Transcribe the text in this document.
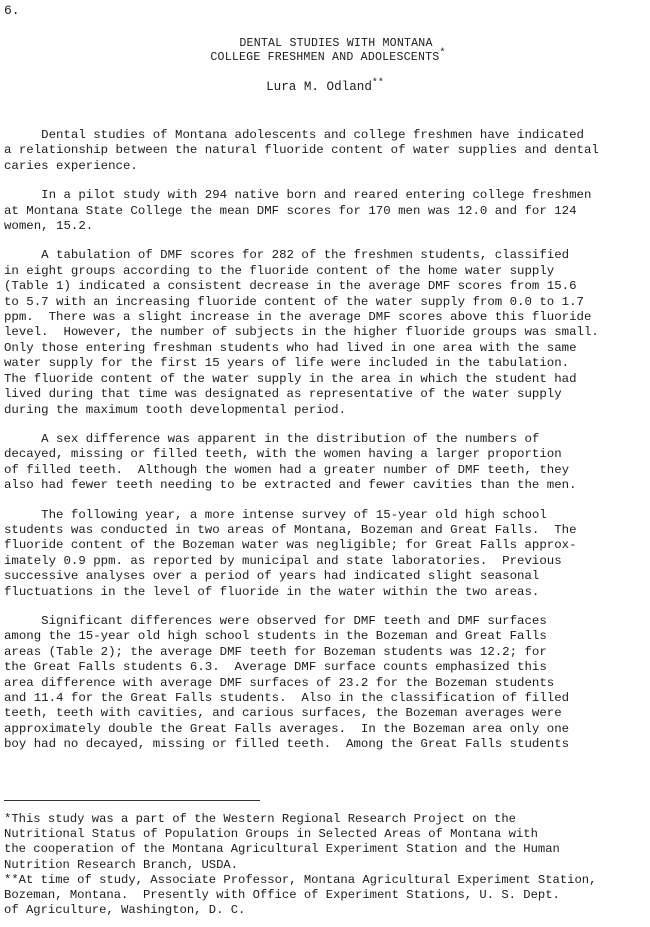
6.
DENTAL STUDIES WITH MONTANA
COLLEGE FRESHMEN AND ADOLESCENTS*
Lura M. Odland**
Dental studies of Montana adolescents and college freshmen have indicated
a relationship between the natural fluoride content of water supplies and dental
caries experience.
In a pilot study with 294 native born and reared entering college freshmen
at Montana State College the mean DMF scores for 170 men was 12.0 and for 124
women, 15.2.
A tabulation of DMF scores for 282 of the freshmen students, classified
in eight groups according to the fluoride content of the home water supply
(Table 1) indicated a consistent decrease in the average DMF scores from 15.6
to 5.7 with an increasing fluoride content of the water supply from 0.0 to 1.7
ppm.  There was a slight increase in the average DMF scores above this fluoride
level.  However, the number of subjects in the higher fluoride groups was small.
Only those entering freshman students who had lived in one area with the same
water supply for the first 15 years of life were included in the tabulation.
The fluoride content of the water supply in the area in which the student had
lived during that time was designated as representative of the water supply
during the maximum tooth developmental period.
A sex difference was apparent in the distribution of the numbers of
decayed, missing or filled teeth, with the women having a larger proportion
of filled teeth.  Although the women had a greater number of DMF teeth, they
also had fewer teeth needing to be extracted and fewer cavities than the men.
The following year, a more intense survey of 15-year old high school
students was conducted in two areas of Montana, Bozeman and Great Falls.  The
fluoride content of the Bozeman water was negligible; for Great Falls approx-
imately 0.9 ppm. as reported by municipal and state laboratories.  Previous
successive analyses over a period of years had indicated slight seasonal
fluctuations in the level of fluoride in the water within the two areas.
Significant differences were observed for DMF teeth and DMF surfaces
among the 15-year old high school students in the Bozeman and Great Falls
areas (Table 2); the average DMF teeth for Bozeman students was 12.2; for
the Great Falls students 6.3.  Average DMF surface counts emphasized this
area difference with average DMF surfaces of 23.2 for the Bozeman students
and 11.4 for the Great Falls students.  Also in the classification of filled
teeth, teeth with cavities, and carious surfaces, the Bozeman averages were
approximately double the Great Falls averages.  In the Bozeman area only one
boy had no decayed, missing or filled teeth.  Among the Great Falls students
*This study was a part of the Western Regional Research Project on the
Nutritional Status of Population Groups in Selected Areas of Montana with
the cooperation of the Montana Agricultural Experiment Station and the Human
Nutrition Research Branch, USDA.
**At time of study, Associate Professor, Montana Agricultural Experiment Station,
Bozeman, Montana.  Presently with Office of Experiment Stations, U. S. Dept.
of Agriculture, Washington, D. C.
